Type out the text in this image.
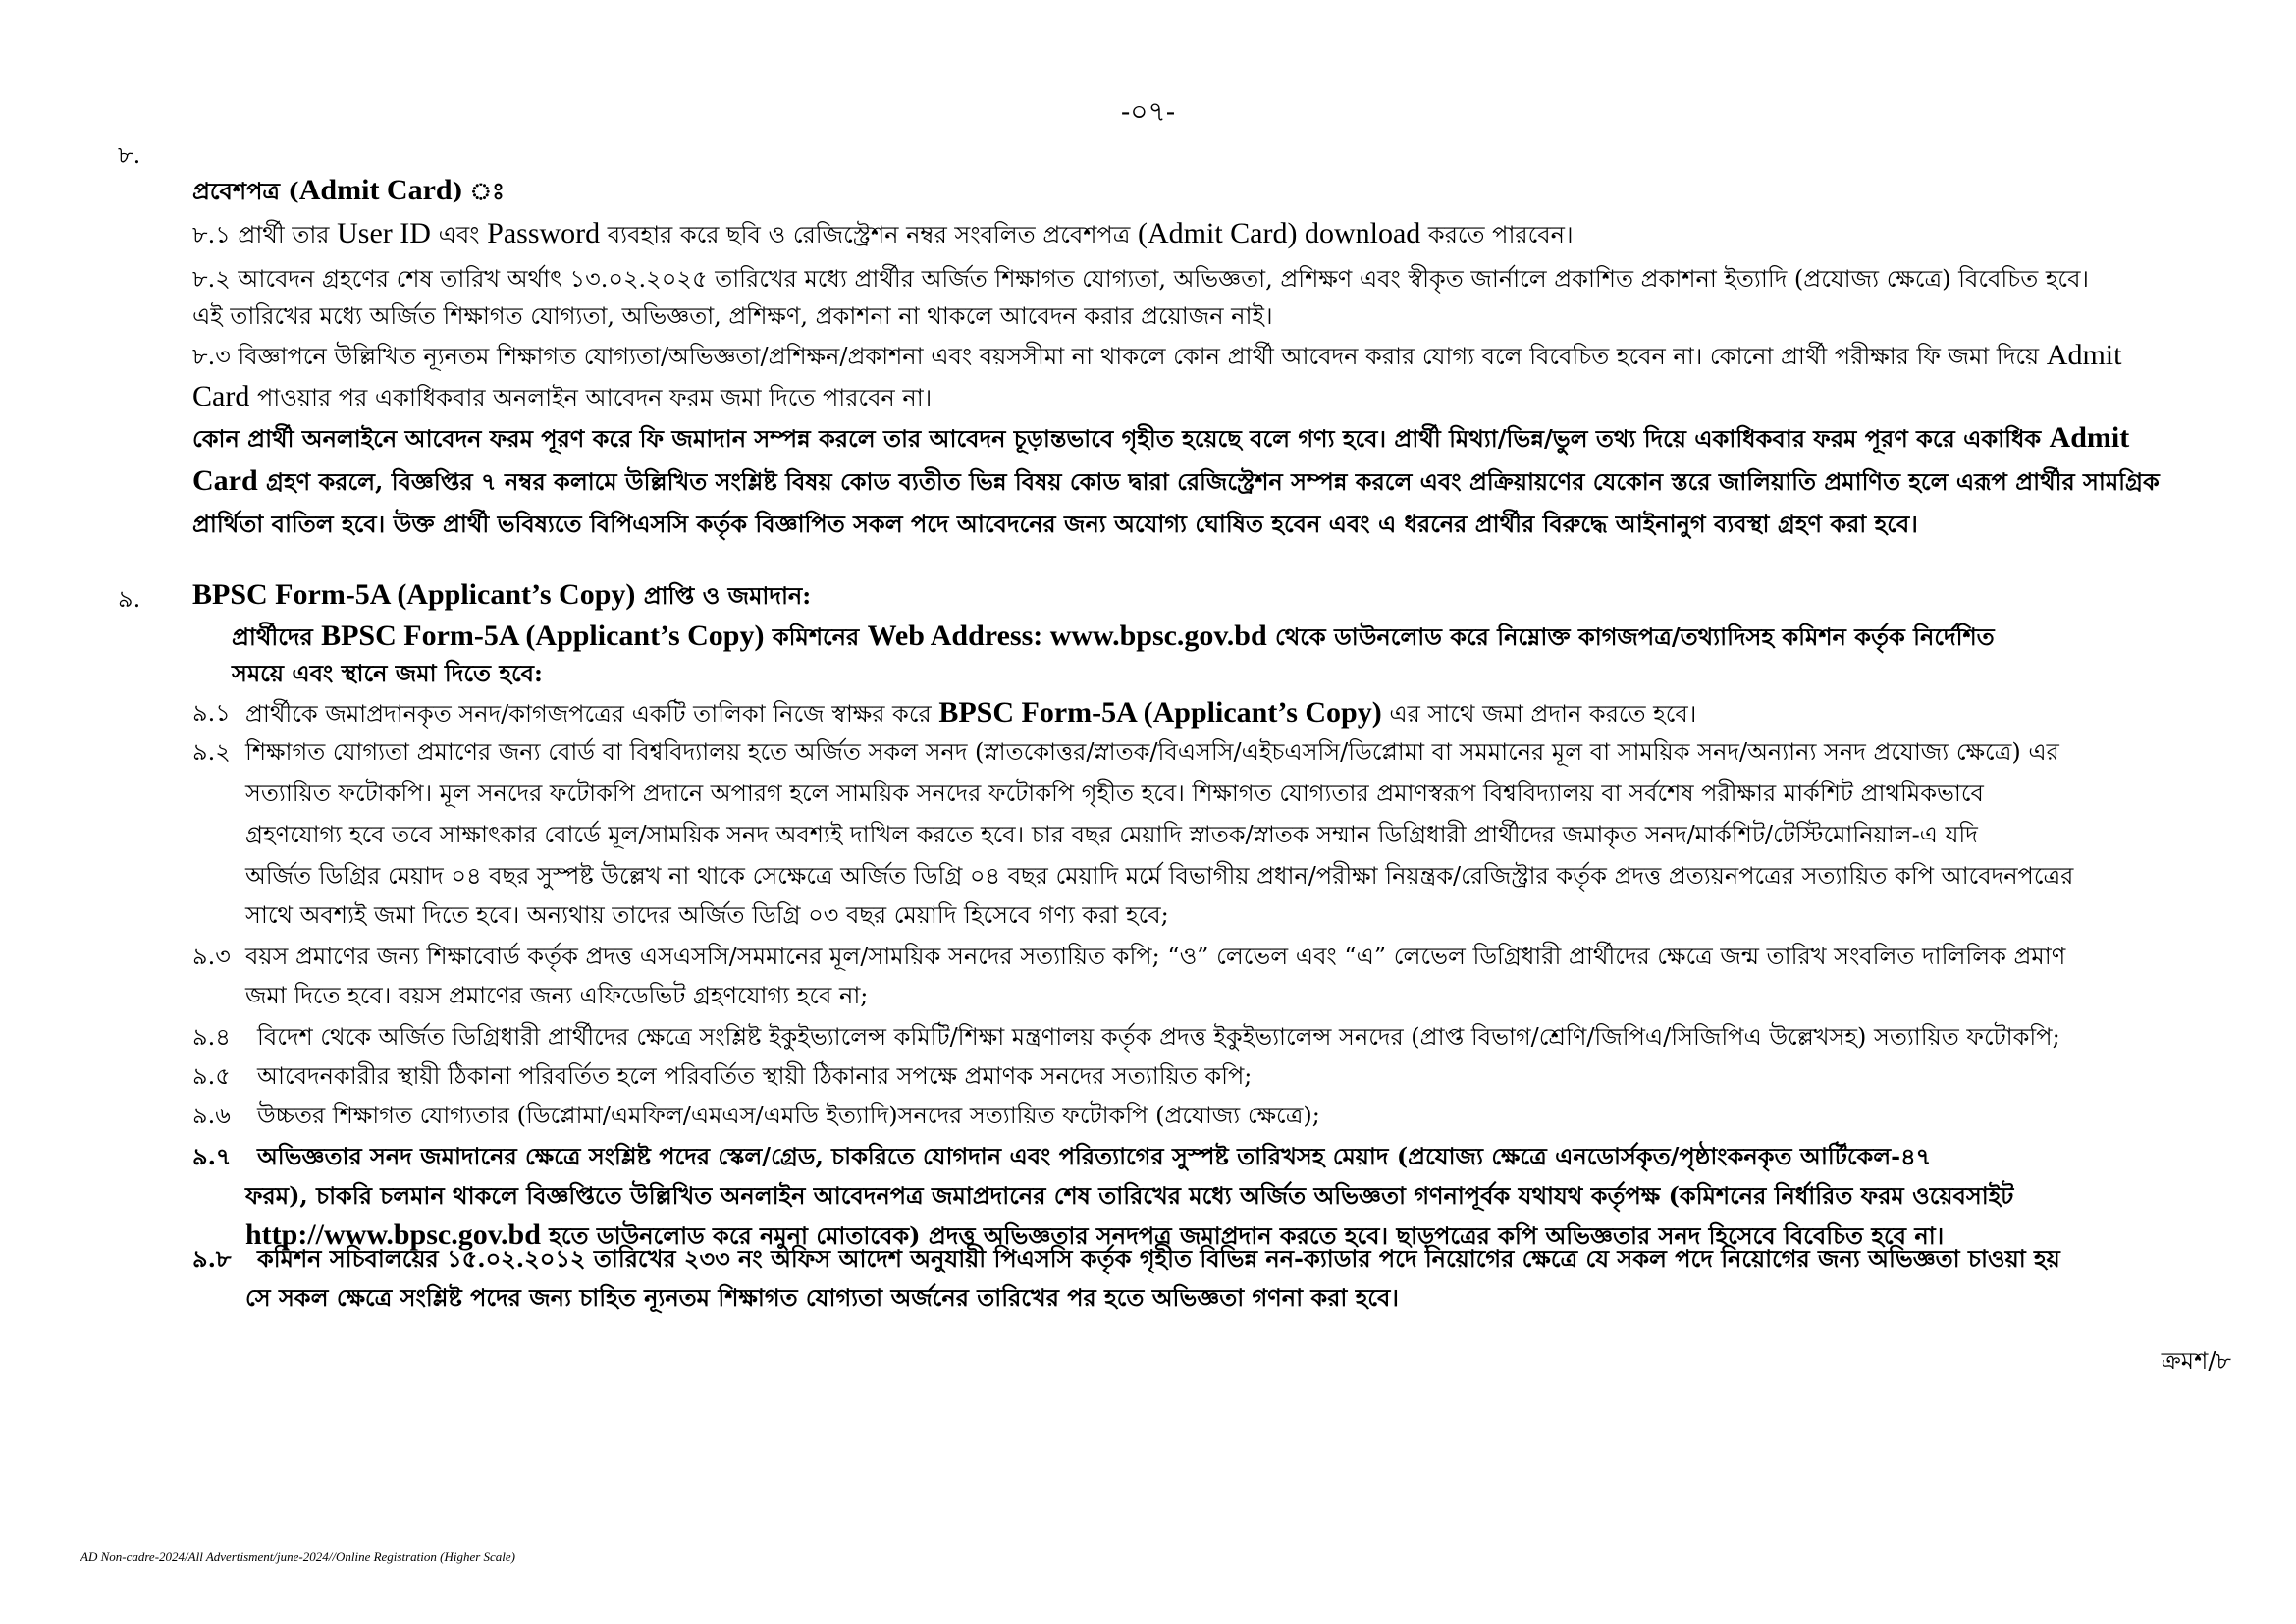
-০৭-
৮.
প্রবেশপত্র (Admit Card) ঃ
৮.১ প্রার্থী তার User ID এবং Password ব্যবহার করে ছবি ও রেজিস্ট্রেশন নম্বর সংবলিত প্রবেশপত্র (Admit Card) download করতে পারবেন।
৮.২ আবেদন গ্রহণের শেষ তারিখ অর্থাৎ ১৩.০২.২০২৫ তারিখের মধ্যে প্রার্থীর অর্জিত শিক্ষাগত যোগ্যতা, অভিজ্ঞতা, প্রশিক্ষণ এবং স্বীকৃত জার্নালে প্রকাশিত প্রকাশনা ইত্যাদি (প্রযোজ্য ক্ষেত্রে) বিবেচিত হবে।
এই তারিখের মধ্যে অর্জিত শিক্ষাগত যোগ্যতা, অভিজ্ঞতা, প্রশিক্ষণ, প্রকাশনা না থাকলে আবেদন করার প্রয়োজন নাই।
৮.৩ বিজ্ঞাপনে উল্লিখিত ন্যূনতম শিক্ষাগত যোগ্যতা/অভিজ্ঞতা/প্রশিক্ষন/প্রকাশনা এবং বয়সসীমা না থাকলে কোন প্রার্থী আবেদন করার যোগ্য বলে বিবেচিত হবেন না। কোনো প্রার্থী পরীক্ষার ফি জমা দিয়ে Admit
Card পাওয়ার পর একাধিকবার অনলাইন আবেদন ফরম জমা দিতে পারবেন না।
কোন প্রার্থী অনলাইনে আবেদন ফরম পূরণ করে ফি জমাদান সম্পন্ন করলে তার আবেদন চূড়ান্তভাবে গৃহীত হয়েছে বলে গণ্য হবে। প্রার্থী মিথ্যা/ভিন্ন/ভুল তথ্য দিয়ে একাধিকবার ফরম পূরণ করে একাধিক Admit
Card গ্রহণ করলে, বিজ্ঞপ্তির ৭ নম্বর কলামে উল্লিখিত সংশ্লিষ্ট বিষয় কোড ব্যতীত ভিন্ন বিষয় কোড দ্বারা রেজিস্ট্রেশন সম্পন্ন করলে এবং প্রক্রিয়ায়ণের যেকোন স্তরে জালিয়াতি প্রমাণিত হলে এরূপ প্রার্থীর সামগ্রিক
প্রার্থিতা বাতিল হবে। উক্ত প্রার্থী ভবিষ্যতে বিপিএসসি কর্তৃক বিজ্ঞাপিত সকল পদে আবেদনের জন্য অযোগ্য ঘোষিত হবেন এবং এ ধরনের প্রার্থীর বিরুদ্ধে আইনানুগ ব্যবস্থা গ্রহণ করা হবে।
৯. BPSC Form-5A (Applicant’s Copy) প্রাপ্তি ও জমাদান:
প্রার্থীদের BPSC Form-5A (Applicant’s Copy) কমিশনের Web Address: www.bpsc.gov.bd থেকে ডাউনলোড করে নিম্নোক্ত কাগজপত্র/তথ্যাদিসহ কমিশন কর্তৃক নির্দেশিত
সময়ে এবং স্থানে জমা দিতে হবে:
৯.১ প্রার্থীকে জমাপ্রদানকৃত সনদ/কাগজপত্রের একটি তালিকা নিজে স্বাক্ষর করে BPSC Form-5A (Applicant’s Copy) এর সাথে জমা প্রদান করতে হবে।
৯.২ শিক্ষাগত যোগ্যতা প্রমাণের জন্য বোর্ড বা বিশ্ববিদ্যালয় হতে অর্জিত সকল সনদ (স্নাতকোত্তর/স্নাতক/বিএসসি/এইচএসসি/ডিপ্লোমা বা সমমানের মূল বা সাময়িক সনদ/অন্যান্য সনদ প্রযোজ্য ক্ষেত্রে) এর
সত্যায়িত ফটোকপি। মূল সনদের ফটোকপি প্রদানে অপারগ হলে সাময়িক সনদের ফটোকপি গৃহীত হবে। শিক্ষাগত যোগ্যতার প্রমাণস্বরূপ বিশ্ববিদ্যালয় বা সর্বশেষ পরীক্ষার মার্কশিট প্রাথমিকভাবে
গ্রহণযোগ্য হবে তবে সাক্ষাৎকার বোর্ডে মূল/সাময়িক সনদ অবশ্যই দাখিল করতে হবে। চার বছর মেয়াদি স্নাতক/স্নাতক সম্মান ডিগ্রিধারী প্রার্থীদের জমাকৃত সনদ/মার্কশিট/টেস্টিমোনিয়াল-এ যদি
অর্জিত ডিগ্রির মেয়াদ ০৪ বছর সুস্পষ্ট উল্লেখ না থাকে সেক্ষেত্রে অর্জিত ডিগ্রি ০৪ বছর মেয়াদি মর্মে বিভাগীয় প্রধান/পরীক্ষা নিয়ন্ত্রক/রেজিস্ট্রার কর্তৃক প্রদত্ত প্রত্যয়নপত্রের সত্যায়িত কপি আবেদনপত্রের
সাথে অবশ্যই জমা দিতে হবে। অন্যথায় তাদের অর্জিত ডিগ্রি ০৩ বছর মেয়াদি হিসেবে গণ্য করা হবে;
৯.৩ বয়স প্রমাণের জন্য শিক্ষাবোর্ড কর্তৃক প্রদত্ত এসএসসি/সমমানের মূল/সাময়িক সনদের সত্যায়িত কপি; “ও” লেভেল এবং “এ” লেভেল ডিগ্রিধারী প্রার্থীদের ক্ষেত্রে জন্ম তারিখ সংবলিত দালিলিক প্রমাণ
জমা দিতে হবে। বয়স প্রমাণের জন্য এফিডেভিট গ্রহণযোগ্য হবে না;
৯.৪ বিদেশ থেকে অর্জিত ডিগ্রিধারী প্রার্থীদের ক্ষেত্রে সংশ্লিষ্ট ইকুইভ্যালেন্স কমিটি/শিক্ষা মন্ত্রণালয় কর্তৃক প্রদত্ত ইকুইভ্যালেন্স সনদের (প্রাপ্ত বিভাগ/শ্রেণি/জিপিএ/সিজিপিএ উল্লেখসহ) সত্যায়িত ফটোকপি;
৯.৫ আবেদনকারীর স্থায়ী ঠিকানা পরিবর্তিত হলে পরিবর্তিত স্থায়ী ঠিকানার সপক্ষে প্রমাণক সনদের সত্যায়িত কপি;
৯.৬ উচ্চতর শিক্ষাগত যোগ্যতার (ডিপ্লোমা/এমফিল/এমএস/এমডি ইত্যাদি)সনদের সত্যায়িত ফটোকপি (প্রযোজ্য ক্ষেত্রে);
৯.৭ অভিজ্ঞতার সনদ জমাদানের ক্ষেত্রে সংশ্লিষ্ট পদের স্কেল/গ্রেড, চাকরিতে যোগদান এবং পরিত্যাগের সুস্পষ্ট তারিখসহ মেয়াদ (প্রযোজ্য ক্ষেত্রে এনডোর্সকৃত/পৃষ্ঠাংকনকৃত আর্টিকেল-৪৭
ফরম), চাকরি চলমান থাকলে বিজ্ঞপ্তিতে উল্লিখিত অনলাইন আবেদনপত্র জমাপ্রদানের শেষ তারিখের মধ্যে অর্জিত অভিজ্ঞতা গণনাপূর্বক যথাযথ কর্তৃপক্ষ (কমিশনের নির্ধারিত ফরম ওয়েবসাইট
http://www.bpsc.gov.bd হতে ডাউনলোড করে নমুনা মোতাবেক) প্রদত্ত অভিজ্ঞতার সনদপত্র জমাপ্রদান করতে হবে। ছাড়পত্রের কপি অভিজ্ঞতার সনদ হিসেবে বিবেচিত হবে না।
৯.৮ কমিশন সচিবালয়ের ১৫.০২.২০১২ তারিখের ২৩৩ নং অফিস আদেশ অনুযায়ী পিএসসি কর্তৃক গৃহীত বিভিন্ন নন-ক্যাডার পদে নিয়োগের ক্ষেত্রে যে সকল পদে নিয়োগের জন্য অভিজ্ঞতা চাওয়া হয়
সে সকল ক্ষেত্রে সংশ্লিষ্ট পদের জন্য চাহিত ন্যূনতম শিক্ষাগত যোগ্যতা অর্জনের তারিখের পর হতে অভিজ্ঞতা গণনা করা হবে।
ক্রমশ/৮
AD Non-cadre-2024/All Advertisment/june-2024//Online Registration (Higher Scale)
